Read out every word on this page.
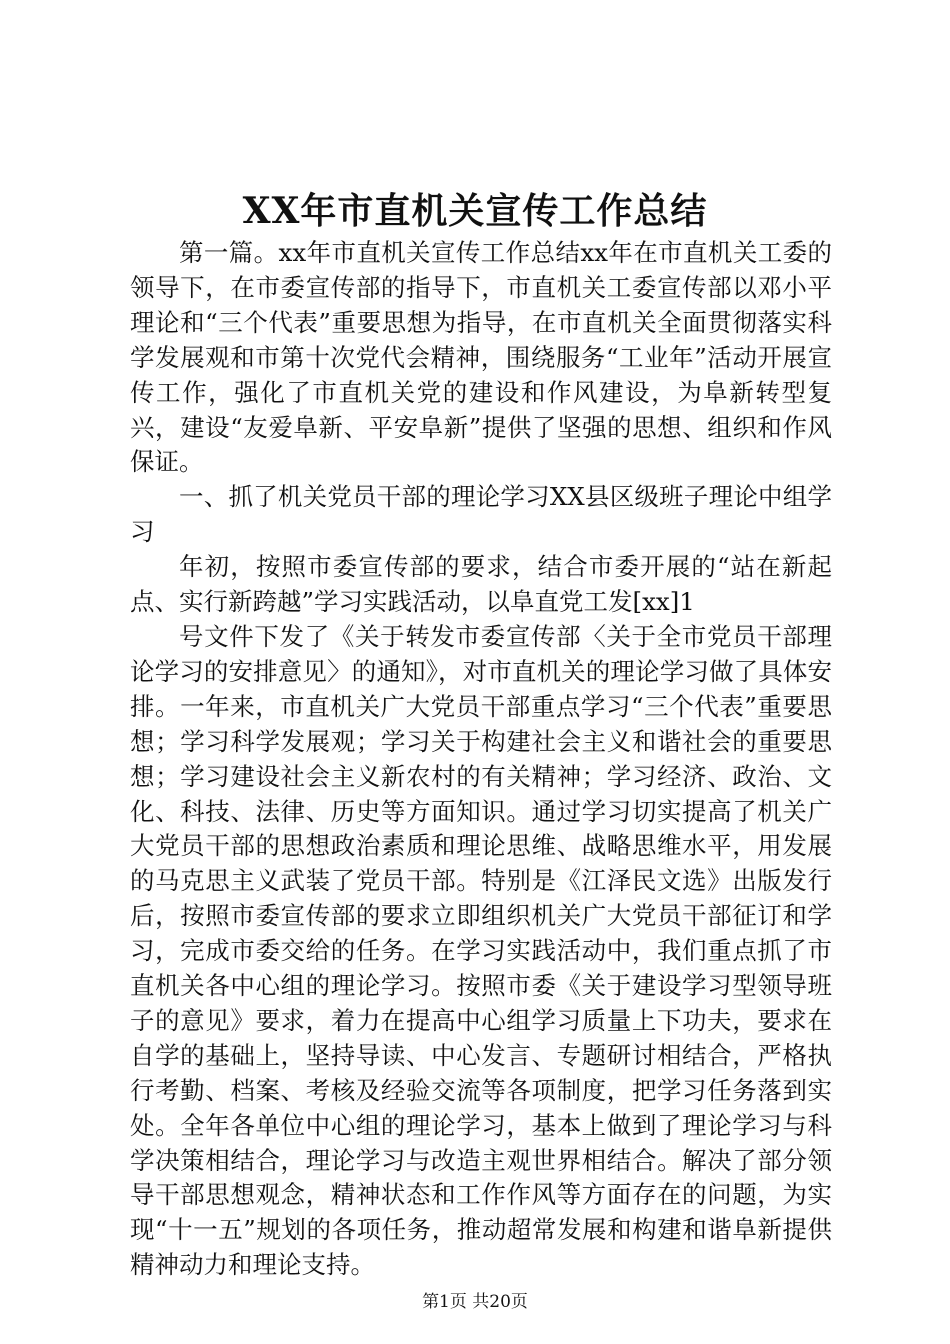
XX年市直机关宣传工作总结

第一篇。xx年市直机关宣传工作总结xx年在市直机关工委的领导下，在市委宣传部的指导下，市直机关工委宣传部以邓小平理论和“三个代表”重要思想为指导，在市直机关全面贯彻落实科学发展观和市第十次党代会精神，围绕服务“工业年”活动开展宣传工作，强化了市直机关党的建设和作风建设，为阜新转型复兴，建设“友爱阜新、平安阜新”提供了坚强的思想、组织和作风保证。

一、抓了机关党员干部的理论学习XX县区级班子理论中组学习

年初，按照市委宣传部的要求，结合市委开展的“站在新起点、实行新跨越”学习实践活动，以阜直党工发[xx]1

号文件下发了《关于转发市委宣传部〈关于全市党员干部理论学习的安排意见〉的通知》，对市直机关的理论学习做了具体安排。一年来，市直机关广大党员干部重点学习“三个代表”重要思想；学习科学发展观；学习关于构建社会主义和谐社会的重要思想；学习建设社会主义新农村的有关精神；学习经济、政治、文化、科技、法律、历史等方面知识。通过学习切实提高了机关广大党员干部的思想政治素质和理论思维、战略思维水平，用发展的马克思主义武装了党员干部。特别是《江泽民文选》出版发行后，按照市委宣传部的要求立即组织机关广大党员干部征订和学习，完成市委交给的任务。在学习实践活动中，我们重点抓了市直机关各中心组的理论学习。按照市委《关于建设学习型领导班子的意见》要求，着力在提高中心组学习质量上下功夫，要求在自学的基础上，坚持导读、中心发言、专题研讨相结合，严格执行考勤、档案、考核及经验交流等各项制度，把学习任务落到实处。全年各单位中心组的理论学习，基本上做到了理论学习与科学决策相结合，理论学习与改造主观世界相结合。解决了部分领导干部思想观念，精神状态和工作作风等方面存在的问题，为实现“十一五”规划的各项任务，推动超常发展和构建和谐阜新提供精神动力和理论支持。

第1页 共20页
